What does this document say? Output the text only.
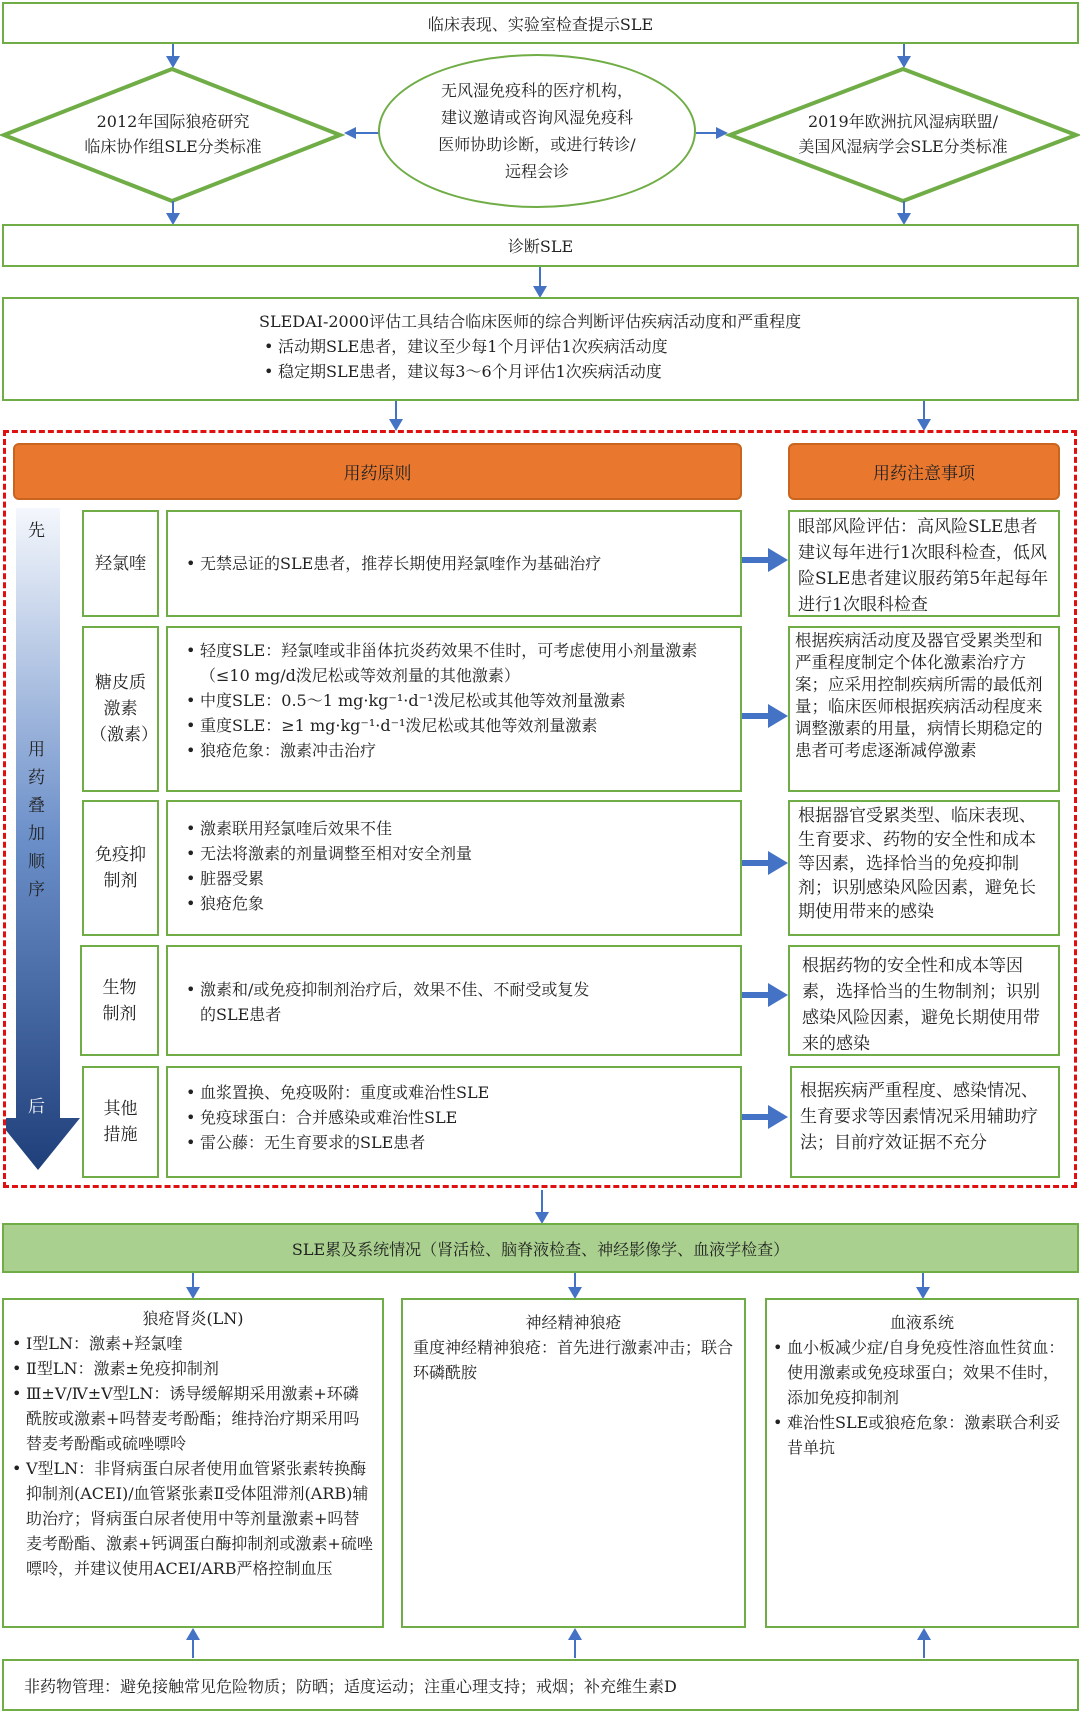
临床表现、实验室检查提示SLE
2012年国际狼疮研究
临床协作组SLE分类标准
无风湿免疫科的医疗机构，
建议邀请或咨询风湿免疫科
医师协助诊断，或进行转诊/
远程会诊
2019年欧洲抗风湿病联盟/
美国风湿病学会SLE分类标准
诊断SLE
SLEDAI-2000评估工具结合临床医师的综合判断评估疾病活动度和严重程度
• 活动期SLE患者，建议至少每1个月评估1次疾病活动度
• 稳定期SLE患者，建议每3～6个月评估1次疾病活动度
用药原则	用药注意事项
先
用药叠加顺序
后
羟氯喹	• 无禁忌证的SLE患者，推荐长期使用羟氯喹作为基础治疗
眼部风险评估：高风险SLE患者建议每年进行1次眼科检查，低风险SLE患者建议服药第5年起每年进行1次眼科检查
糖皮质激素（激素）
• 轻度SLE：羟氯喹或非甾体抗炎药效果不佳时，可考虑使用小剂量激素（≤10 mg/d泼尼松或等效剂量的其他激素）
• 中度SLE：0.5～1 mg·kg⁻¹·d⁻¹泼尼松或其他等效剂量激素
• 重度SLE：≥1 mg·kg⁻¹·d⁻¹泼尼松或其他等效剂量激素
• 狼疮危象：激素冲击治疗
根据疾病活动度及器官受累类型和严重程度制定个体化激素治疗方案；应采用控制疾病所需的最低剂量；临床医师根据疾病活动程度来调整激素的用量，病情长期稳定的患者可考虑逐渐减停激素
免疫抑制剂
• 激素联用羟氯喹后效果不佳
• 无法将激素的剂量调整至相对安全剂量
• 脏器受累
• 狼疮危象
根据器官受累类型、临床表现、生育要求、药物的安全性和成本等因素，选择恰当的免疫抑制剂；识别感染风险因素，避免长期使用带来的感染
生物制剂
• 激素和/或免疫抑制剂治疗后，效果不佳、不耐受或复发的SLE患者
根据药物的安全性和成本等因素，选择恰当的生物制剂；识别感染风险因素，避免长期使用带来的感染
其他措施
• 血浆置换、免疫吸附：重度或难治性SLE
• 免疫球蛋白：合并感染或难治性SLE
• 雷公藤：无生育要求的SLE患者
根据疾病严重程度、感染情况、生育要求等因素情况采用辅助疗法；目前疗效证据不充分
SLE累及系统情况（肾活检、脑脊液检查、神经影像学、血液学检查）
狼疮肾炎(LN)
• Ⅰ型LN：激素+羟氯喹
• Ⅱ型LN：激素±免疫抑制剂
• Ⅲ±Ⅴ/Ⅳ±Ⅴ型LN：诱导缓解期采用激素+环磷酰胺或激素+吗替麦考酚酯；维持治疗期采用吗替麦考酚酯或硫唑嘌呤
• Ⅴ型LN：非肾病蛋白尿者使用血管紧张素转换酶抑制剂(ACEI)/血管紧张素Ⅱ受体阻滞剂(ARB)辅助治疗；肾病蛋白尿者使用中等剂量激素+吗替麦考酚酯、激素+钙调蛋白酶抑制剂或激素+硫唑嘌呤，并建议使用ACEI/ARB严格控制血压
神经精神狼疮
重度神经精神狼疮：首先进行激素冲击；联合环磷酰胺
血液系统
• 血小板减少症/自身免疫性溶血性贫血：使用激素或免疫球蛋白；效果不佳时，添加免疫抑制剂
• 难治性SLE或狼疮危象：激素联合利妥昔单抗
非药物管理：避免接触常见危险物质；防晒；适度运动；注重心理支持；戒烟；补充维生素D
